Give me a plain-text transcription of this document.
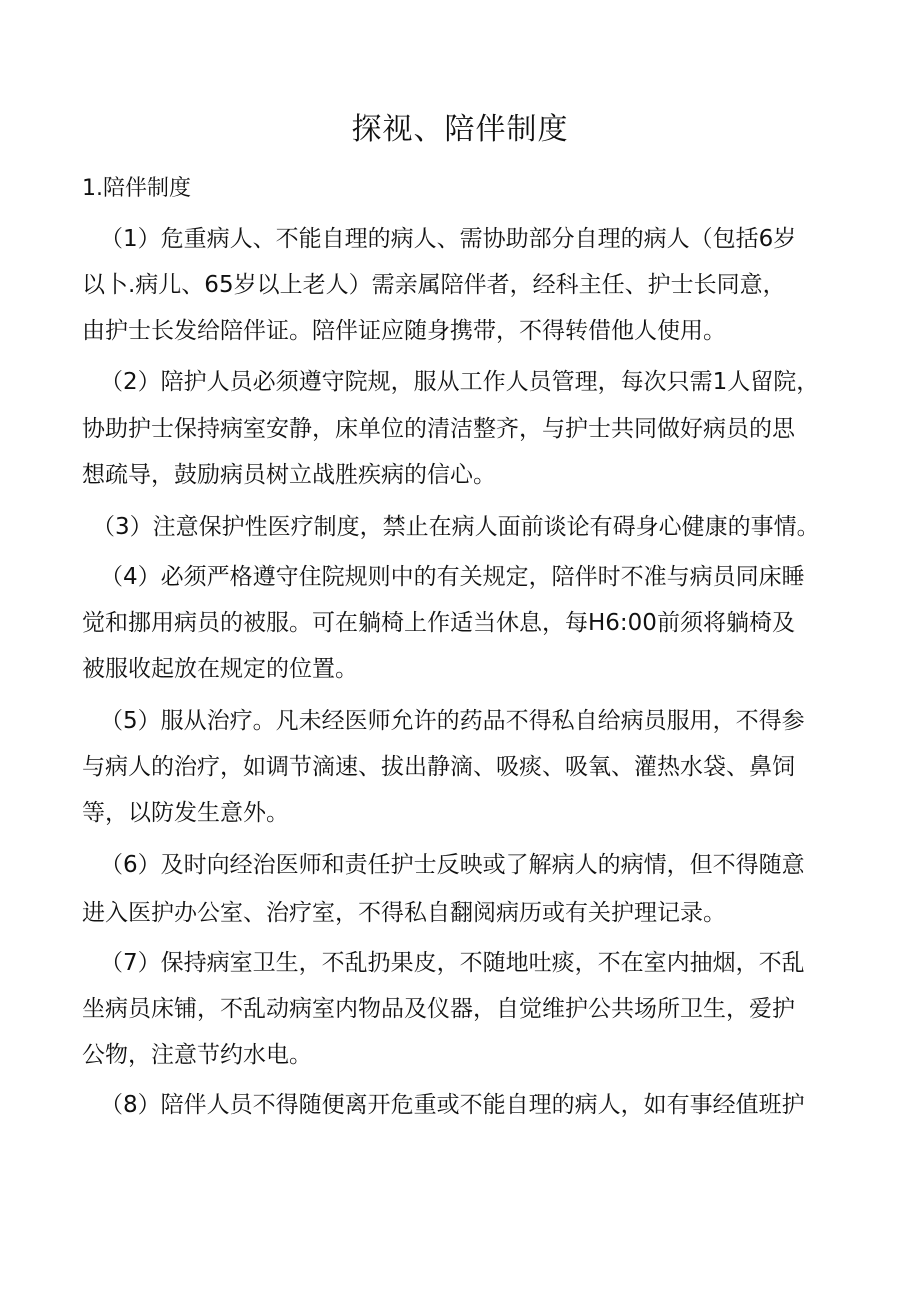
探视、陪伴制度
1.陪伴制度
（1）危重病人、不能自理的病人、需协助部分自理的病人（包括6岁
以卜.病儿、65岁以上老人）需亲属陪伴者，经科主任、护士长同意，
由护士长发给陪伴证。陪伴证应随身携带，不得转借他人使用。
（2）陪护人员必须遵守院规，服从工作人员管理，每次只需1人留院，
协助护士保持病室安静，床单位的清洁整齐，与护士共同做好病员的思
想疏导，鼓励病员树立战胜疾病的信心。
（3）注意保护性医疗制度，禁止在病人面前谈论有碍身心健康的事情。
（4）必须严格遵守住院规则中的有关规定，陪伴时不准与病员同床睡
觉和挪用病员的被服。可在躺椅上作适当休息，每H6:00前须将躺椅及
被服收起放在规定的位置。
（5）服从治疗。凡未经医师允许的药品不得私自给病员服用，不得参
与病人的治疗，如调节滴速、拔出静滴、吸痰、吸氧、灌热水袋、鼻饲
等，以防发生意外。
（6）及时向经治医师和责任护士反映或了解病人的病情，但不得随意
进入医护办公室、治疗室，不得私自翻阅病历或有关护理记录。
（7）保持病室卫生，不乱扔果皮，不随地吐痰，不在室内抽烟，不乱
坐病员床铺，不乱动病室内物品及仪器，自觉维护公共场所卫生，爱护
公物，注意节约水电。
（8）陪伴人员不得随便离开危重或不能自理的病人，如有事经值班护
